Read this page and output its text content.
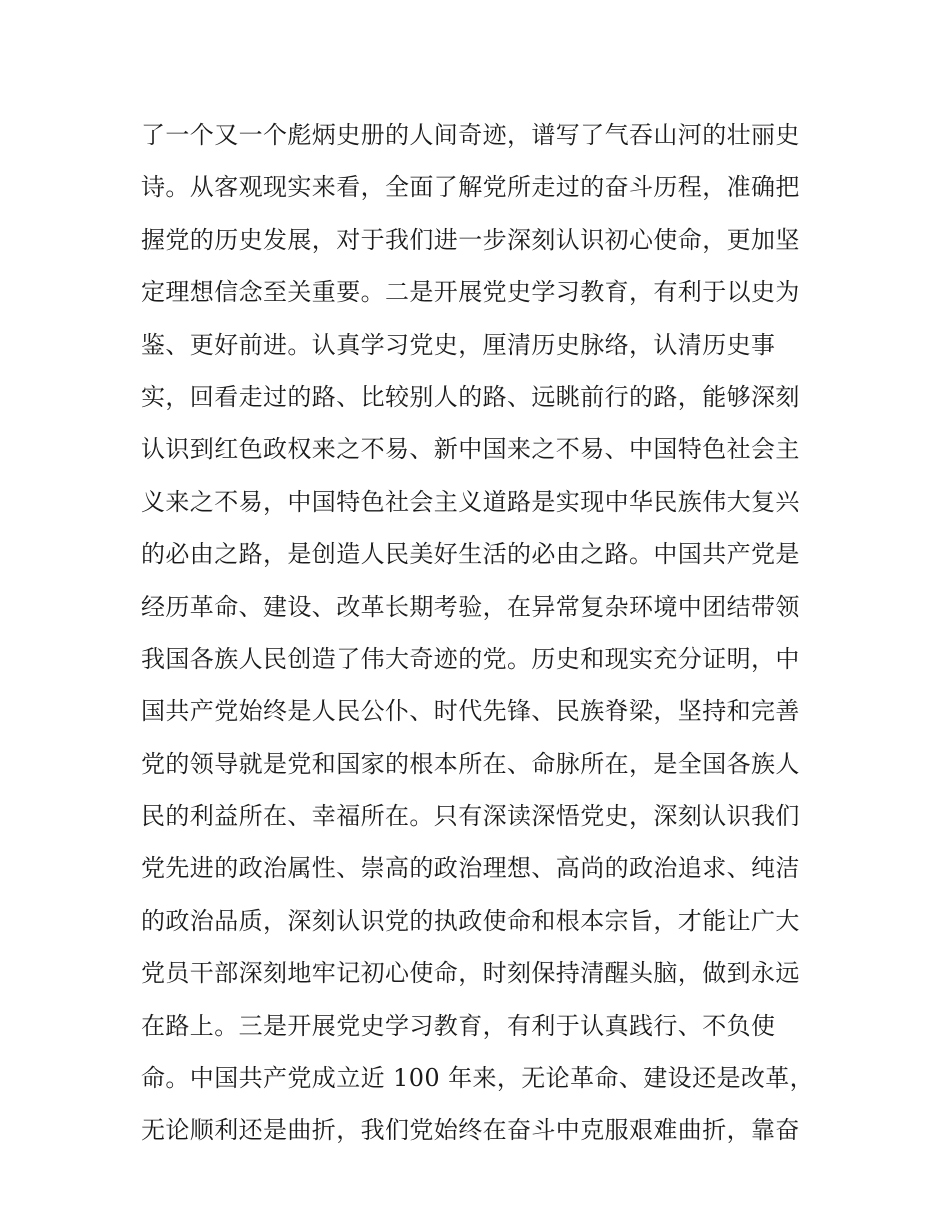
了一个又一个彪炳史册的人间奇迹，谱写了气吞山河的壮丽史
诗。从客观现实来看，全面了解党所走过的奋斗历程，准确把
握党的历史发展，对于我们进一步深刻认识初心使命，更加坚
定理想信念至关重要。二是开展党史学习教育，有利于以史为
鉴、更好前进。认真学习党史，厘清历史脉络，认清历史事
实，回看走过的路、比较别人的路、远眺前行的路，能够深刻
认识到红色政权来之不易、新中国来之不易、中国特色社会主
义来之不易，中国特色社会主义道路是实现中华民族伟大复兴
的必由之路，是创造人民美好生活的必由之路。中国共产党是
经历革命、建设、改革长期考验，在异常复杂环境中团结带领
我国各族人民创造了伟大奇迹的党。历史和现实充分证明，中
国共产党始终是人民公仆、时代先锋、民族脊梁，坚持和完善
党的领导就是党和国家的根本所在、命脉所在，是全国各族人
民的利益所在、幸福所在。只有深读深悟党史，深刻认识我们
党先进的政治属性、崇高的政治理想、高尚的政治追求、纯洁
的政治品质，深刻认识党的执政使命和根本宗旨，才能让广大
党员干部深刻地牢记初心使命，时刻保持清醒头脑，做到永远
在路上。三是开展党史学习教育，有利于认真践行、不负使
命。中国共产党成立近 100 年来，无论革命、建设还是改革，
无论顺利还是曲折，我们党始终在奋斗中克服艰难曲折，靠奋
